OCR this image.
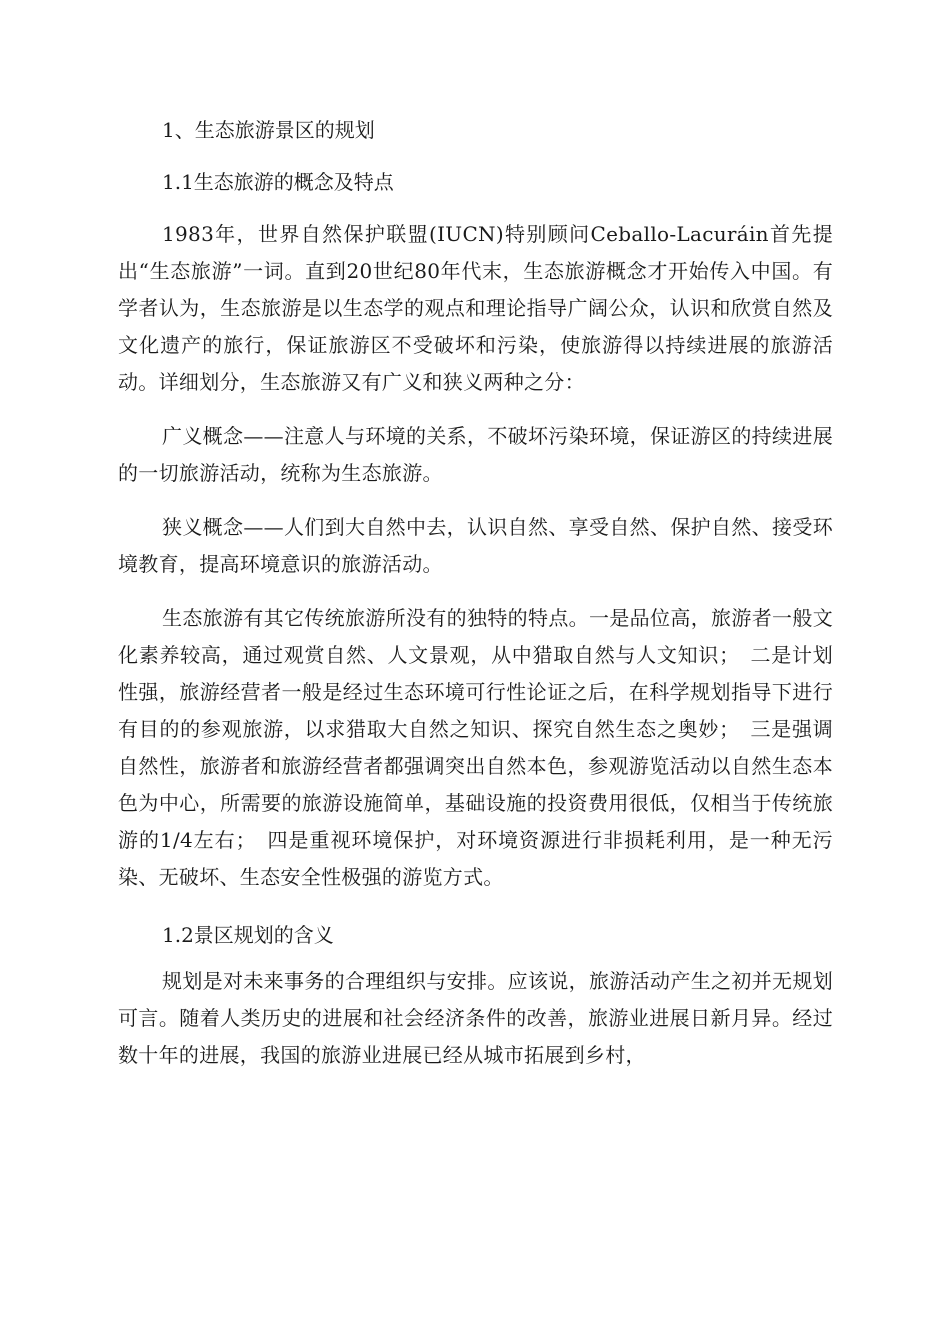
1、生态旅游景区的规划
1.1生态旅游的概念及特点

1983年，世界自然保护联盟(IUCN)特别顾问Ceballo-Lacuráin首先提出“生态旅游”一词。直到20世纪80年代末，生态旅游概念才开始传入中国。有学者认为，生态旅游是以生态学的观点和理论指导广阔公众，认识和欣赏自然及文化遗产的旅行，保证旅游区不受破坏和污染，使旅游得以持续进展的旅游活动。详细划分，生态旅游又有广义和狭义两种之分：

广义概念——注意人与环境的关系，不破坏污染环境，保证游区的持续进展的一切旅游活动，统称为生态旅游。

狭义概念——人们到大自然中去，认识自然、享受自然、保护自然、接受环境教育，提高环境意识的旅游活动。

生态旅游有其它传统旅游所没有的独特的特点。一是品位高，旅游者一般文化素养较高，通过观赏自然、人文景观，从中猎取自然与人文知识；　二是计划性强，旅游经营者一般是经过生态环境可行性论证之后，在科学规划指导下进行有目的的参观旅游，以求猎取大自然之知识、探究自然生态之奥妙；　三是强调自然性，旅游者和旅游经营者都强调突出自然本色，参观游览活动以自然生态本色为中心，所需要的旅游设施简单，基础设施的投资费用很低，仅相当于传统旅游的1/4左右；　四是重视环境保护，对环境资源进行非损耗利用，是一种无污染、无破坏、生态安全性极强的游览方式。

1.2景区规划的含义

规划是对未来事务的合理组织与安排。应该说，旅游活动产生之初并无规划可言。随着人类历史的进展和社会经济条件的改善，旅游业进展日新月异。经过数十年的进展，我国的旅游业进展已经从城市拓展到乡村，
